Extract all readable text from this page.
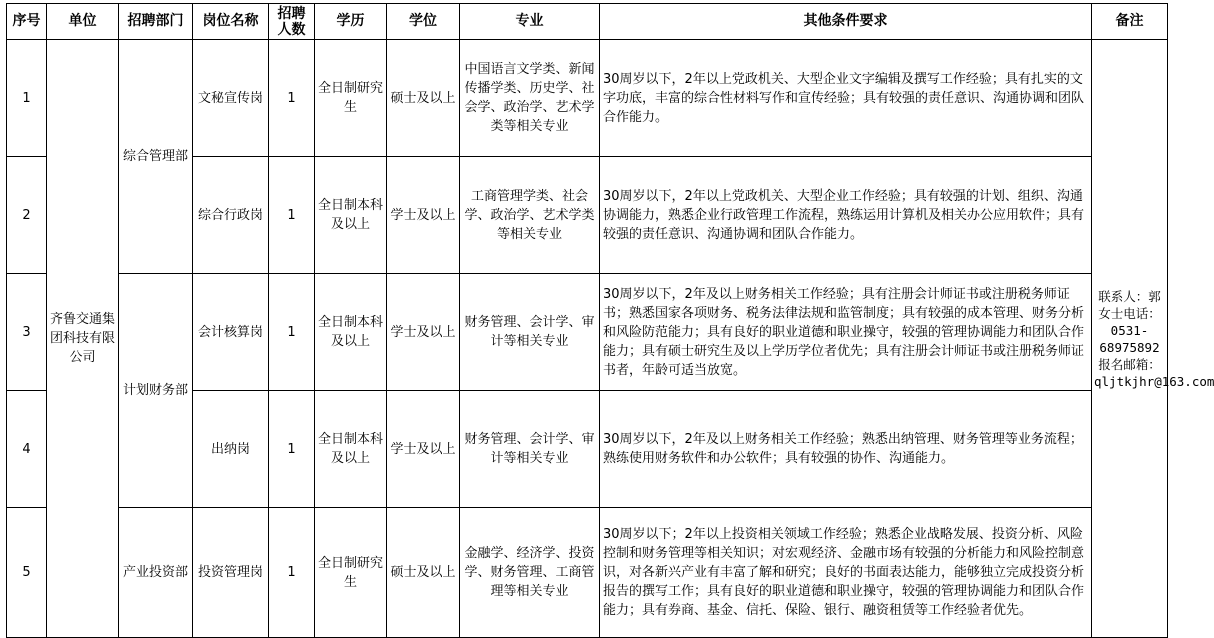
序号	单位	招聘部门	岗位名称	招聘人数	学历	学位	专业	其他条件要求	备注
1	齐鲁交通集团科技有限公司	综合管理部	文秘宣传岗	1	全日制研究生	硕士及以上	中国语言文学类、新闻传播学类、历史学、社会学、政治学、艺术学类等相关专业	30周岁以下，2年以上党政机关、大型企业文字编辑及撰写工作经验；具有扎实的文字功底，丰富的综合性材料写作和宣传经验；具有较强的责任意识、沟通协调和团队合作能力。	联系人：郭女士电话：0531-68975892报名邮箱：qljtkjhr@163.com
2			综合行政岗	1	全日制本科及以上	学士及以上	工商管理学类、社会学、政治学、艺术学类等相关专业	30周岁以下，2年以上党政机关、大型企业工作经验；具有较强的计划、组织、沟通协调能力，熟悉企业行政管理工作流程，熟练运用计算机及相关办公应用软件；具有较强的责任意识、沟通协调和团队合作能力。	
3		计划财务部	会计核算岗	1	全日制本科及以上	学士及以上	财务管理、会计学、审计等相关专业	30周岁以下，2年及以上财务相关工作经验；具有注册会计师证书或注册税务师证书；熟悉国家各项财务、税务法律法规和监管制度；具有较强的成本管理、财务分析和风险防范能力；具有良好的职业道德和职业操守，较强的管理协调能力和团队合作能力；具有硕士研究生及以上学历学位者优先；具有注册会计师证书或注册税务师证书者，年龄可适当放宽。	
4			出纳岗	1	全日制本科及以上	学士及以上	财务管理、会计学、审计等相关专业	30周岁以下，2年及以上财务相关工作经验；熟悉出纳管理、财务管理等业务流程；熟练使用财务软件和办公软件；具有较强的协作、沟通能力。	
5		产业投资部	投资管理岗	1	全日制研究生	硕士及以上	金融学、经济学、投资学、财务管理、工商管理等相关专业	30周岁以下；2年以上投资相关领域工作经验；熟悉企业战略发展、投资分析、风险控制和财务管理等相关知识；对宏观经济、金融市场有较强的分析能力和风险控制意识，对各新兴产业有丰富了解和研究；良好的书面表达能力，能够独立完成投资分析报告的撰写工作；具有良好的职业道德和职业操守，较强的管理协调能力和团队合作能力；具有券商、基金、信托、保险、银行、融资租赁等工作经验者优先。	
